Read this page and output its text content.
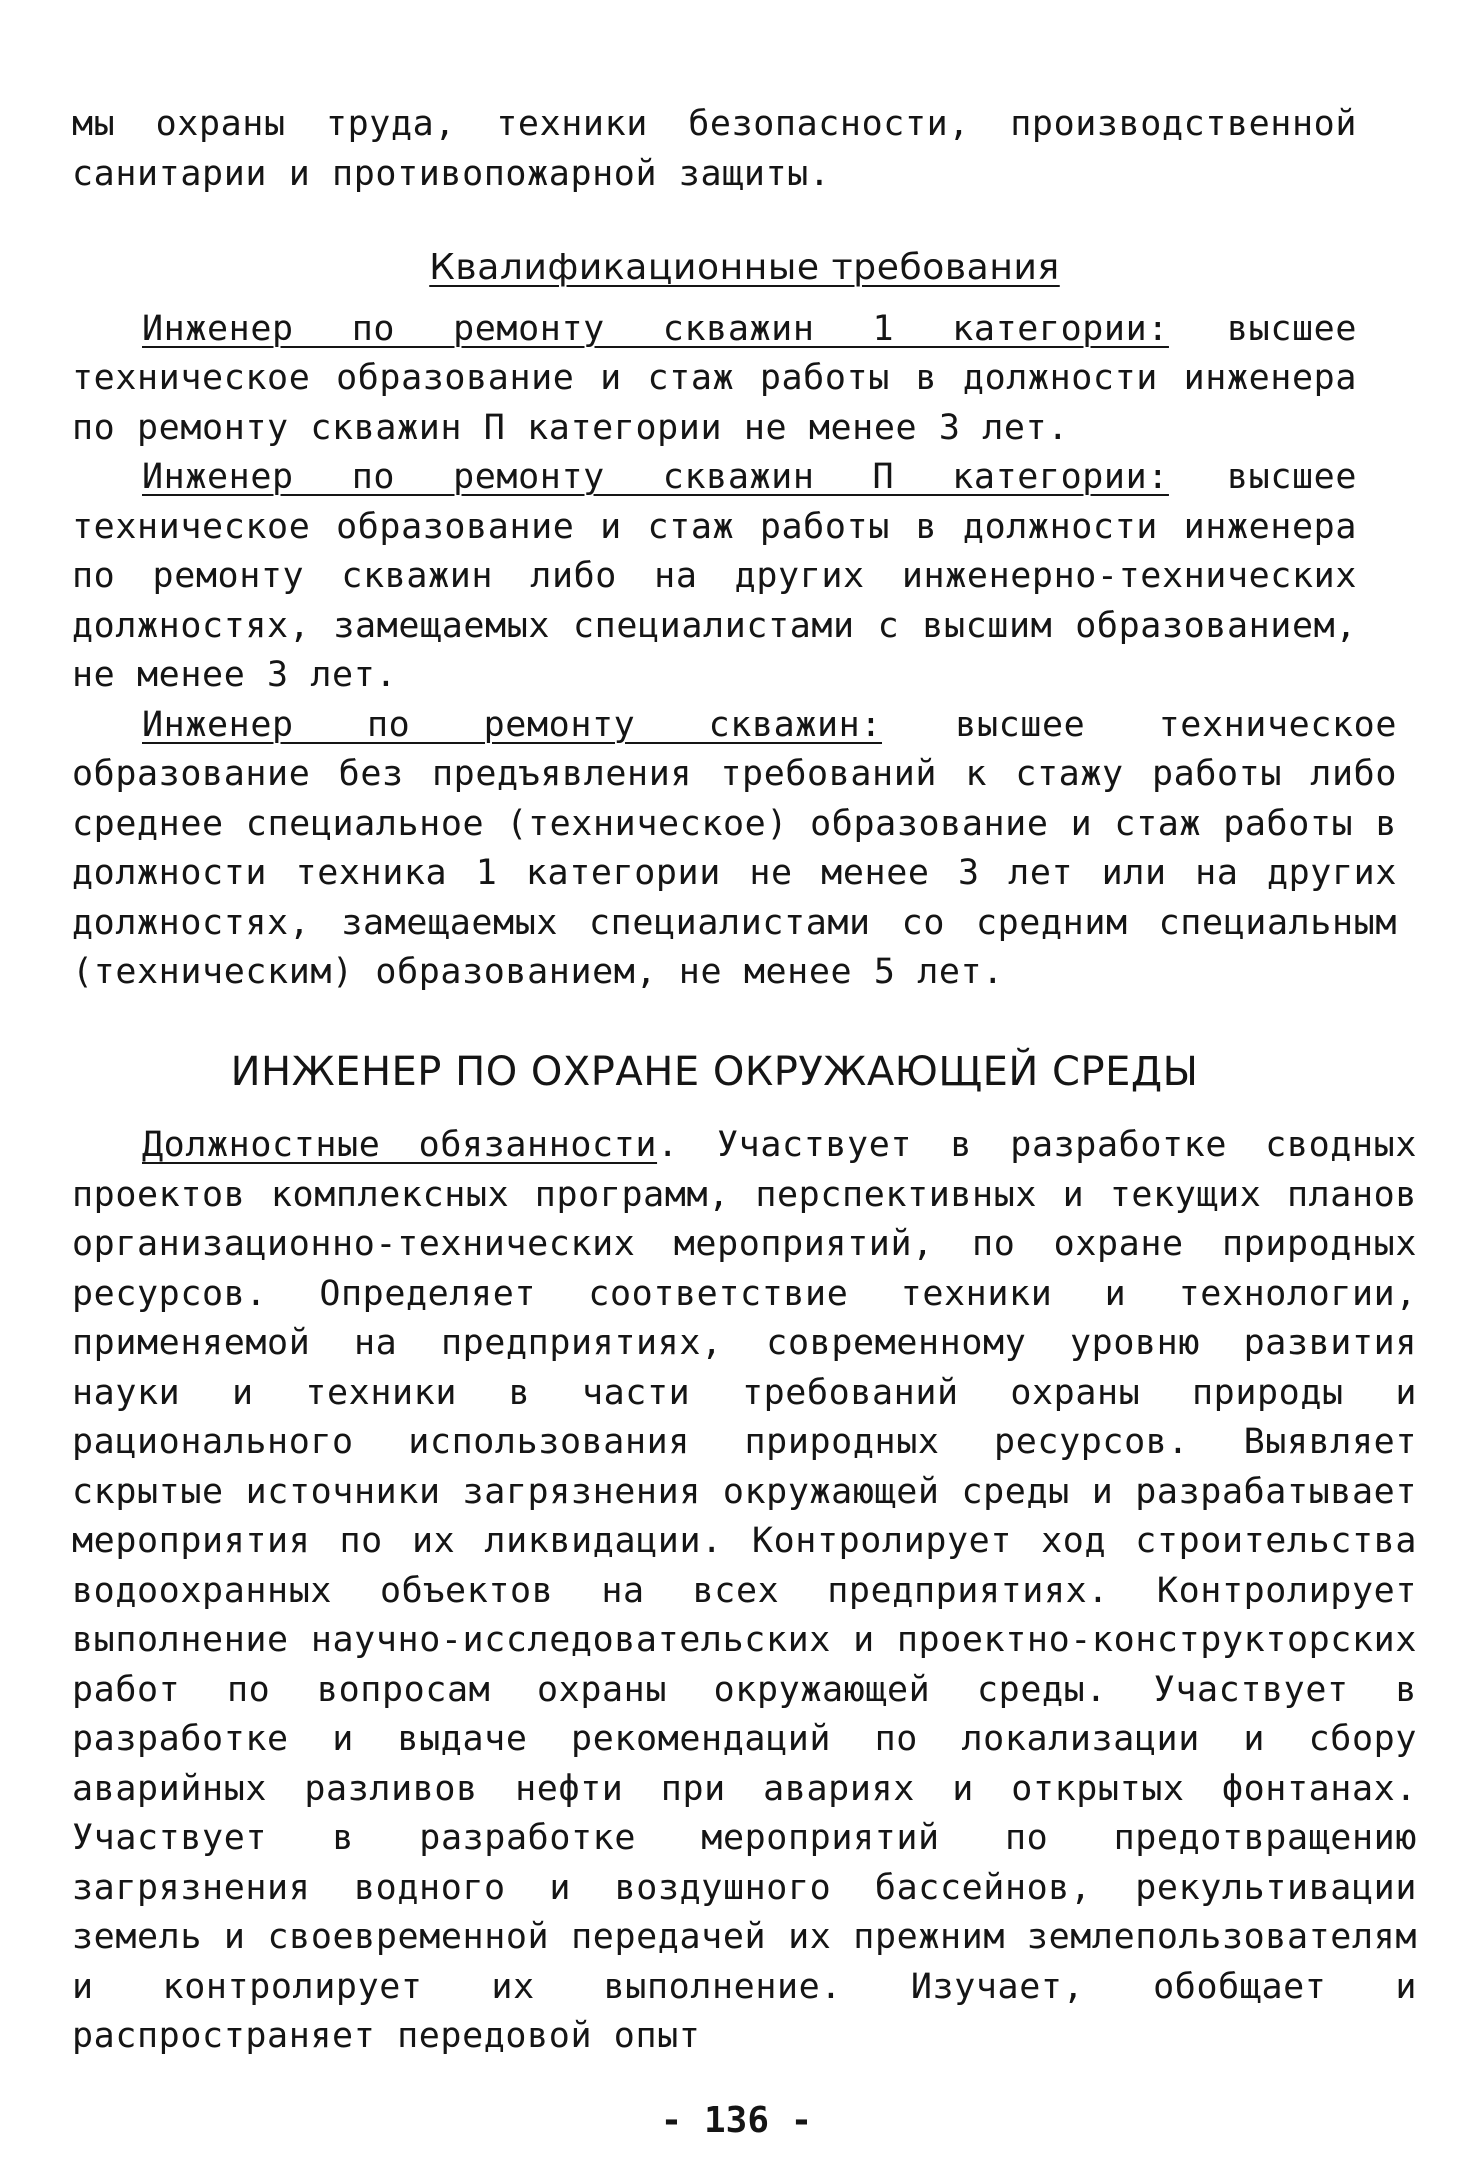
мы охраны труда, техники безопасности, производственной санитарии и противопожарной защиты.

Квалификационные требования

Инженер по ремонту скважин 1 категории: высшее техническое образование и стаж работы в должности инженера по ремонту скважин П категории не менее 3 лет.

Инженер по ремонту скважин П категории: высшее техническое образование и стаж работы в должности инженера по ремонту скважин либо на других инженерно-технических должностях, замещаемых специалистами с высшим образованием, не менее 3 лет.

Инженер по ремонту скважин: высшее техническое образование без предъявления требований к стажу работы либо среднее специальное (техническое) образование и стаж работы в должности техника 1 категории не менее 3 лет или на других должностях, замещаемых специалистами со средним специальным (техническим) образованием, не менее 5 лет.

ИНЖЕНЕР ПО ОХРАНЕ ОКРУЖАЮЩЕЙ СРЕДЫ

Должностные обязанности. Участвует в разработке сводных проектов комплексных программ, перспективных и текущих планов организационно-технических мероприятий, по охране природных ресурсов. Определяет соответствие техники и технологии, применяемой на предприятиях, современному уровню развития науки и техники в части требований охраны природы и рационального использования природных ресурсов. Выявляет скрытые источники загрязнения окружающей среды и разрабатывает мероприятия по их ликвидации. Контролирует ход строительства водоохранных объектов на всех предприятиях. Контролирует выполнение научно-исследовательских и проектно-конструкторских работ по вопросам охраны окружающей среды. Участвует в разработке и выдаче рекомендаций по локализации и сбору аварийных разливов нефти при авариях и открытых фонтанах. Участвует в разработке мероприятий по предотвращению загрязнения водного и воздушного бассейнов, рекультивации земель и своевременной передачей их прежним землепользователям и контролирует их выполнение. Изучает, обобщает и распространяет передовой опыт

- 136 -
